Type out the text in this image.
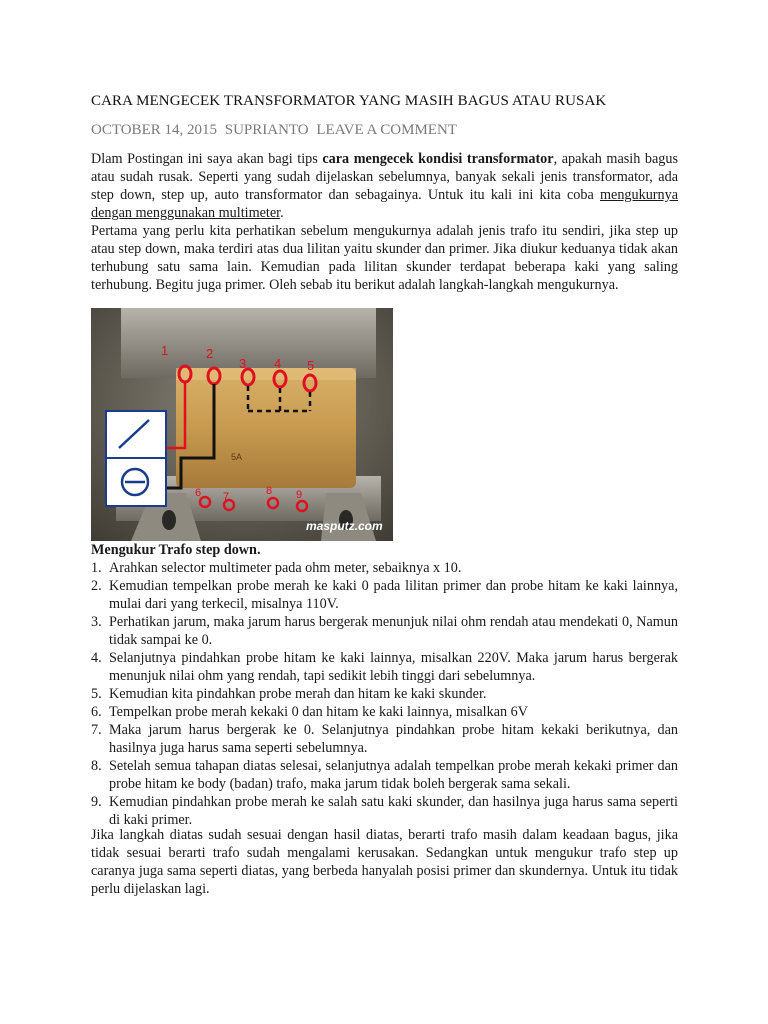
CARA MENGECEK TRANSFORMATOR YANG MASIH BAGUS ATAU RUSAK
OCTOBER 14, 2015 SUPRIANTO LEAVE A COMMENT
Dlam Postingan ini saya akan bagi tips cara mengecek kondisi transformator, apakah masih bagus atau sudah rusak. Seperti yang sudah dijelaskan sebelumnya, banyak sekali jenis transformator, ada step down, step up, auto transformator dan sebagainya. Untuk itu kali ini kita coba mengukurnya dengan menggunakan multimeter.
Pertama yang perlu kita perhatikan sebelum mengukurnya adalah jenis trafo itu sendiri, jika step up atau step down, maka terdiri atas dua lilitan yaitu skunder dan primer. Jika diukur keduanya tidak akan terhubung satu sama lain. Kemudian pada lilitan skunder terdapat beberapa kaki yang saling terhubung. Begitu juga primer. Oleh sebab itu berikut adalah langkah-langkah mengukurnya.
5A
1	2
3 4 5
6 7	8 9
masputz.com
Mengukur Trafo step down.
1. Arahkan selector multimeter pada ohm meter, sebaiknya x 10.
2. Kemudian tempelkan probe merah ke kaki 0 pada lilitan primer dan probe hitam ke kaki lainnya, mulai dari yang terkecil, misalnya 110V.
3. Perhatikan jarum, maka jarum harus bergerak menunjuk nilai ohm rendah atau mendekati 0, Namun tidak sampai ke 0.
4. Selanjutnya pindahkan probe hitam ke kaki lainnya, misalkan 220V. Maka jarum harus bergerak menunjuk nilai ohm yang rendah, tapi sedikit lebih tinggi dari sebelumnya.
5. Kemudian kita pindahkan probe merah dan hitam ke kaki skunder.
6. Tempelkan probe merah kekaki 0 dan hitam ke kaki lainnya, misalkan 6V
7. Maka jarum harus bergerak ke 0. Selanjutnya pindahkan probe hitam kekaki berikutnya, dan hasilnya juga harus sama seperti sebelumnya.
8. Setelah semua tahapan diatas selesai, selanjutnya adalah tempelkan probe merah kekaki primer dan probe hitam ke body (badan) trafo, maka jarum tidak boleh bergerak sama sekali.
9. Kemudian pindahkan probe merah ke salah satu kaki skunder, dan hasilnya juga harus sama seperti di kaki primer.
Jika langkah diatas sudah sesuai dengan hasil diatas, berarti trafo masih dalam keadaan bagus, jika tidak sesuai berarti trafo sudah mengalami kerusakan. Sedangkan untuk mengukur trafo step up caranya juga sama seperti diatas, yang berbeda hanyalah posisi primer dan skundernya. Untuk itu tidak perlu dijelaskan lagi.
